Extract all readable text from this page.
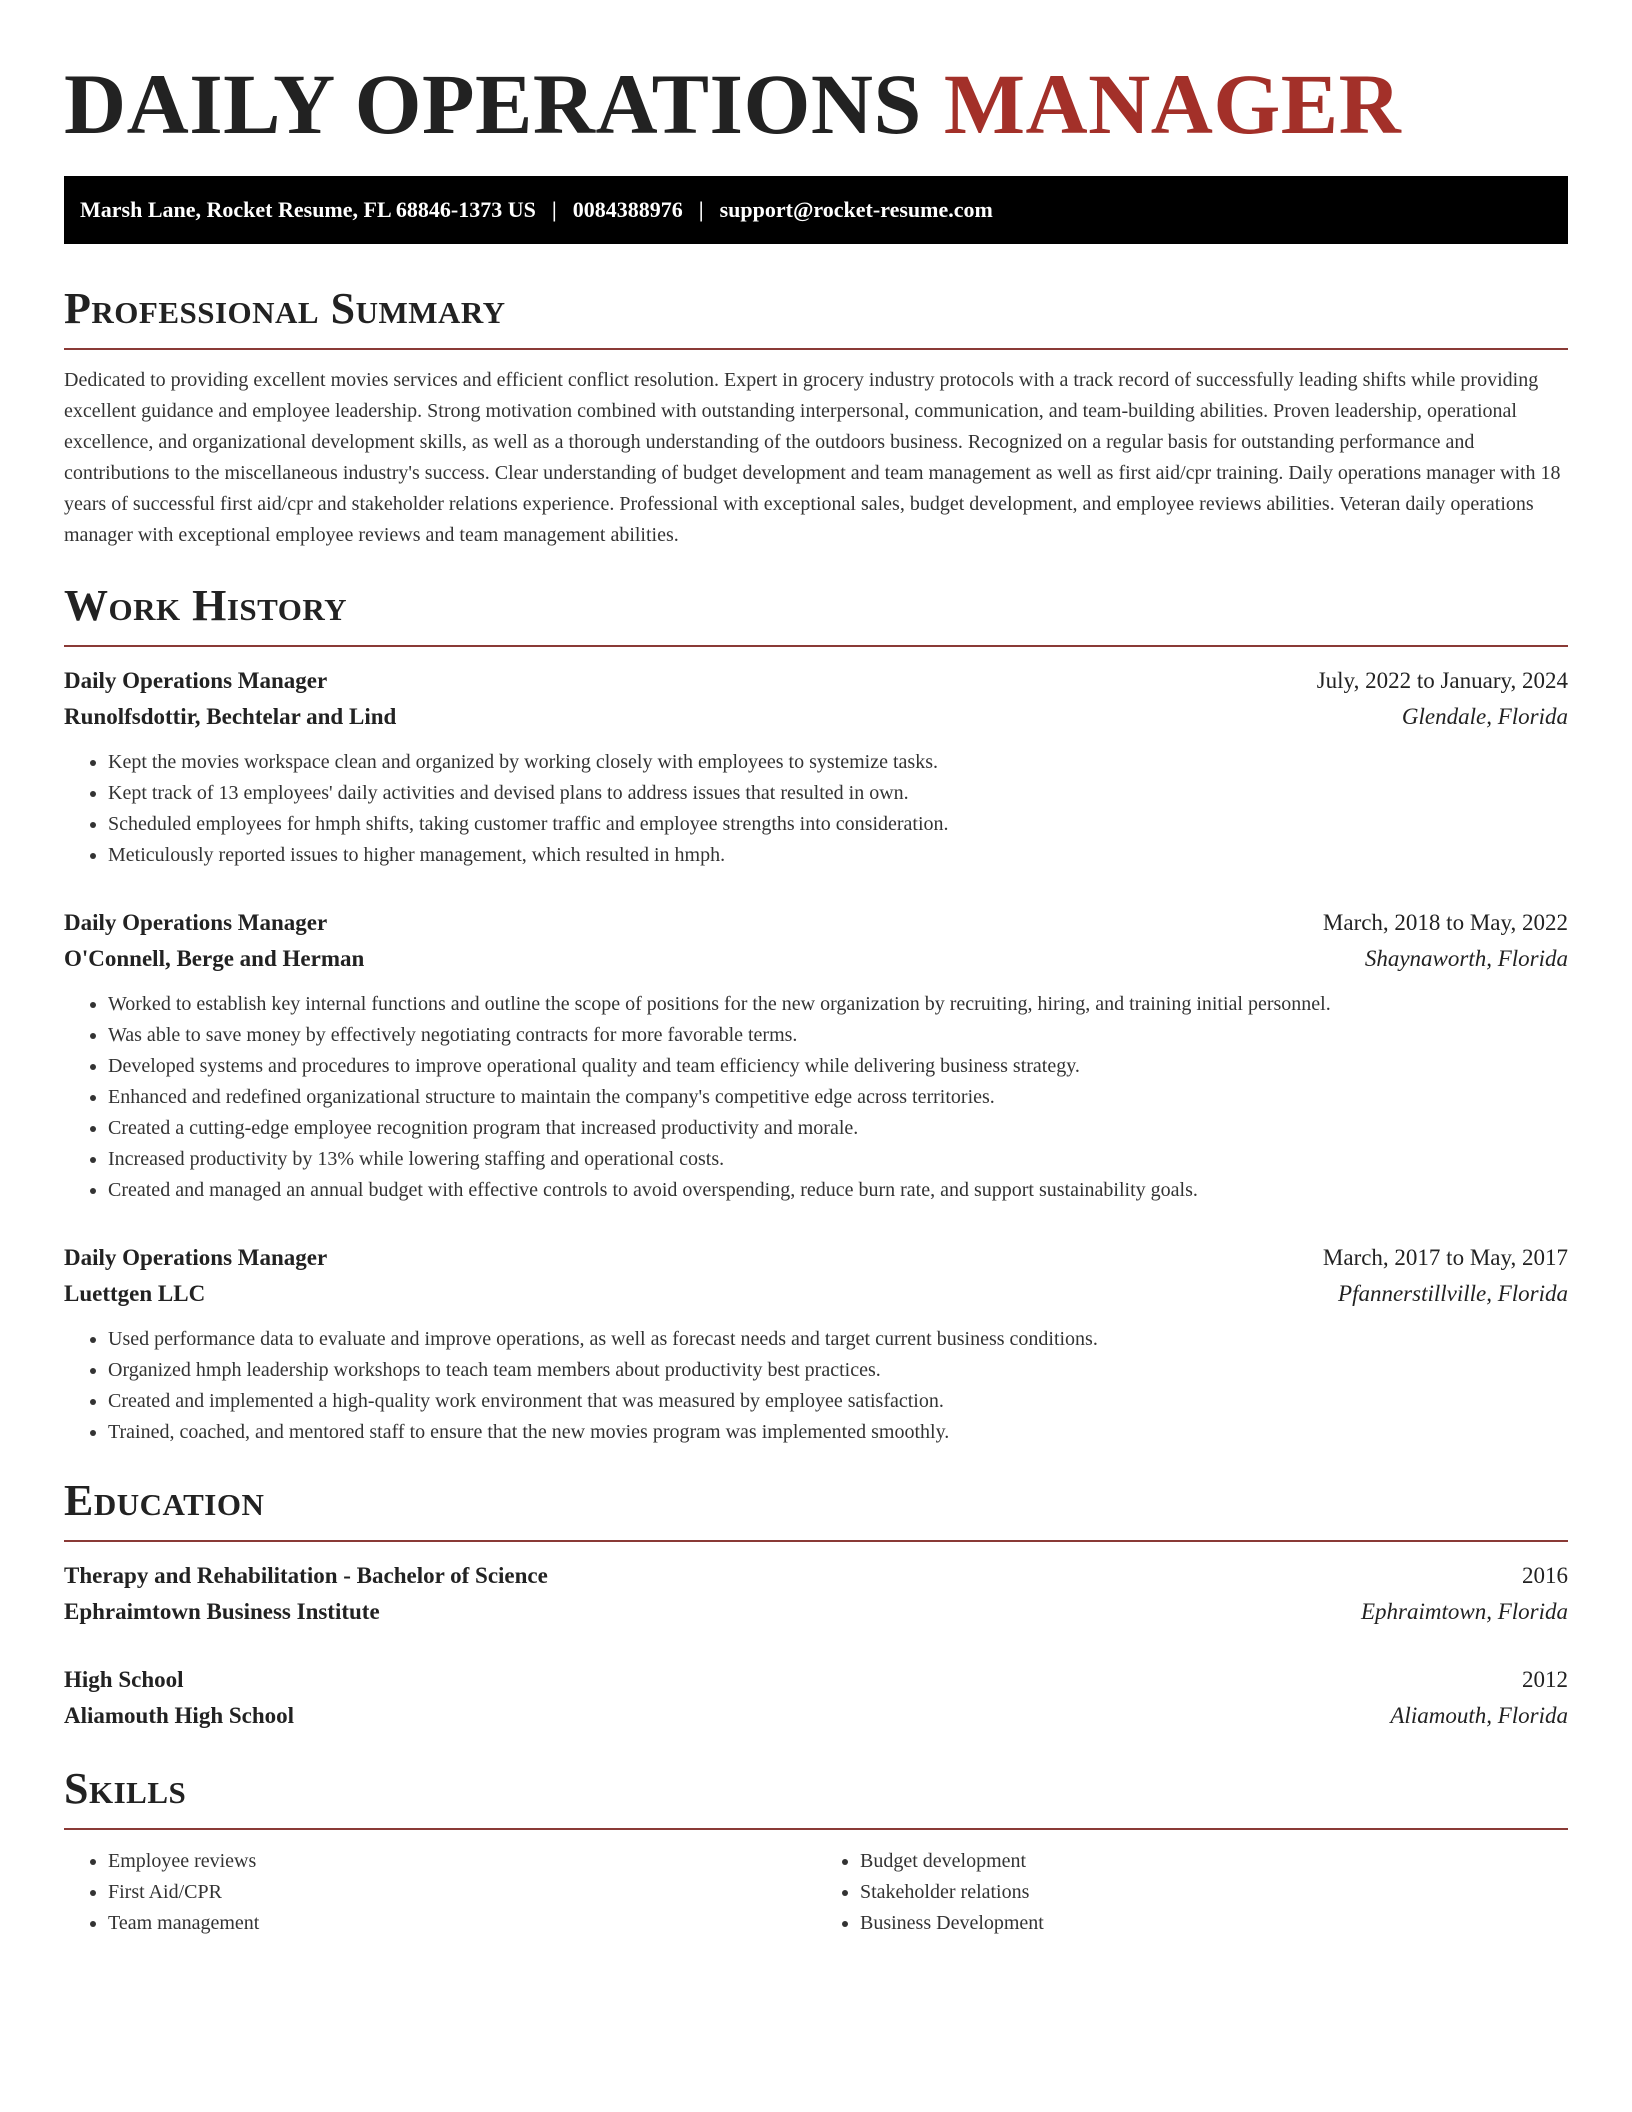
DAILY OPERATIONS MANAGER
Marsh Lane, Rocket Resume, FL 68846-1373 US | 0084388976 | support@rocket-resume.com
Professional Summary

Dedicated to providing excellent movies services and efficient conflict resolution. Expert in grocery industry protocols with a track record of successfully leading shifts while providing excellent guidance and employee leadership. Strong motivation combined with outstanding interpersonal, communication, and team-building abilities. Proven leadership, operational excellence, and organizational development skills, as well as a thorough understanding of the outdoors business. Recognized on a regular basis for outstanding performance and contributions to the miscellaneous industry's success. Clear understanding of budget development and team management as well as first aid/cpr training. Daily operations manager with 18 years of successful first aid/cpr and stakeholder relations experience. Professional with exceptional sales, budget development, and employee reviews abilities. Veteran daily operations manager with exceptional employee reviews and team management abilities.

Work History
Daily Operations Manager	July, 2022 to January, 2024
Runolfsdottir, Bechtelar and Lind	Glendale, Florida
• Kept the movies workspace clean and organized by working closely with employees to systemize tasks.
• Kept track of 13 employees' daily activities and devised plans to address issues that resulted in own.
• Scheduled employees for hmph shifts, taking customer traffic and employee strengths into consideration.
• Meticulously reported issues to higher management, which resulted in hmph.
Daily Operations Manager	March, 2018 to May, 2022
O'Connell, Berge and Herman	Shaynaworth, Florida
• Worked to establish key internal functions and outline the scope of positions for the new organization by recruiting, hiring, and training initial personnel.
• Was able to save money by effectively negotiating contracts for more favorable terms.
• Developed systems and procedures to improve operational quality and team efficiency while delivering business strategy.
• Enhanced and redefined organizational structure to maintain the company's competitive edge across territories.
• Created a cutting-edge employee recognition program that increased productivity and morale.
• Increased productivity by 13% while lowering staffing and operational costs.
• Created and managed an annual budget with effective controls to avoid overspending, reduce burn rate, and support sustainability goals.
Daily Operations Manager	March, 2017 to May, 2017
Luettgen LLC	Pfannerstillville, Florida
• Used performance data to evaluate and improve operations, as well as forecast needs and target current business conditions.
• Organized hmph leadership workshops to teach team members about productivity best practices.
• Created and implemented a high-quality work environment that was measured by employee satisfaction.
• Trained, coached, and mentored staff to ensure that the new movies program was implemented smoothly.
Education
Therapy and Rehabilitation - Bachelor of Science	2016
Ephraimtown Business Institute	Ephraimtown, Florida
High School	2012
Aliamouth High School	Aliamouth, Florida
Skills
• Employee reviews
• First Aid/CPR
• Team management
• Budget development
• Stakeholder relations
• Business Development
